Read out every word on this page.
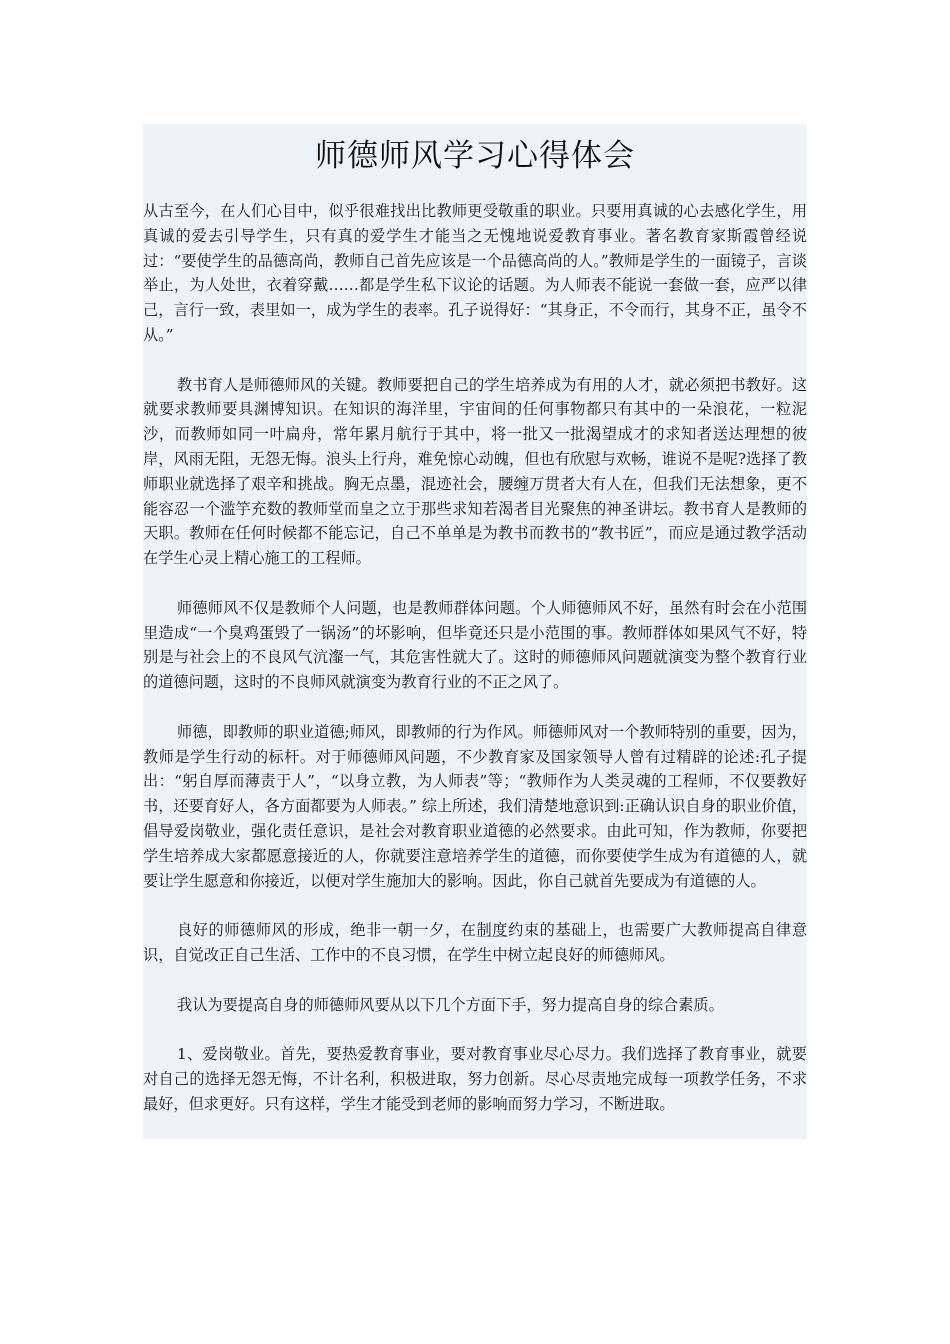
师德师风学习心得体会

从古至今，在人们心目中，似乎很难找出比教师更受敬重的职业。只要用真诚的心去感化学生，用真诚的爱去引导学生，只有真的爱学生才能当之无愧地说爱教育事业。著名教育家斯霞曾经说过：“要使学生的品德高尚，教师自己首先应该是一个品德高尚的人。”教师是学生的一面镜子，言谈举止，为人处世，衣着穿戴……都是学生私下议论的话题。为人师表不能说一套做一套，应严以律己，言行一致，表里如一，成为学生的表率。孔子说得好：“其身正，不令而行，其身不正，虽令不从。”

教书育人是师德师风的关键。教师要把自己的学生培养成为有用的人才，就必须把书教好。这就要求教师要具渊博知识。在知识的海洋里，宇宙间的任何事物都只有其中的一朵浪花，一粒泥沙，而教师如同一叶扁舟，常年累月航行于其中，将一批又一批渴望成才的求知者送达理想的彼岸，风雨无阻，无怨无悔。浪头上行舟，难免惊心动魄，但也有欣慰与欢畅，谁说不是呢?选择了教师职业就选择了艰辛和挑战。胸无点墨，混迹社会，腰缠万贯者大有人在，但我们无法想象，更不能容忍一个滥竽充数的教师堂而皇之立于那些求知若渴者目光聚焦的神圣讲坛。教书育人是教师的天职。教师在任何时候都不能忘记，自己不单单是为教书而教书的“教书匠”，而应是通过教学活动在学生心灵上精心施工的工程师。

师德师风不仅是教师个人问题，也是教师群体问题。个人师德师风不好，虽然有时会在小范围里造成“一个臭鸡蛋毁了一锅汤”的坏影响，但毕竟还只是小范围的事。教师群体如果风气不好，特别是与社会上的不良风气沆瀣一气，其危害性就大了。这时的师德师风问题就演变为整个教育行业的道德问题，这时的不良师风就演变为教育行业的不正之风了。

师德，即教师的职业道德;师风，即教师的行为作风。师德师风对一个教师特别的重要，因为，教师是学生行动的标杆。对于师德师风问题，不少教育家及国家领导人曾有过精辟的论述:孔子提出：“躬自厚而薄责于人”，“以身立教，为人师表”等；“教师作为人类灵魂的工程师，不仅要教好书，还要育好人，各方面都要为人师表。” 综上所述，我们清楚地意识到:正确认识自身的职业价值，倡导爱岗敬业，强化责任意识，是社会对教育职业道德的必然要求。由此可知，作为教师，你要把学生培养成大家都愿意接近的人，你就要注意培养学生的道德，而你要使学生成为有道德的人，就要让学生愿意和你接近，以便对学生施加大的影响。因此，你自己就首先要成为有道德的人。

良好的师德师风的形成，绝非一朝一夕，在制度约束的基础上，也需要广大教师提高自律意识，自觉改正自己生活、工作中的不良习惯，在学生中树立起良好的师德师风。

我认为要提高自身的师德师风要从以下几个方面下手，努力提高自身的综合素质。

1、爱岗敬业。首先，要热爱教育事业，要对教育事业尽心尽力。我们选择了教育事业，就要对自己的选择无怨无悔，不计名利，积极进取，努力创新。尽心尽责地完成每一项教学任务，不求最好，但求更好。只有这样，学生才能受到老师的影响而努力学习，不断进取。
